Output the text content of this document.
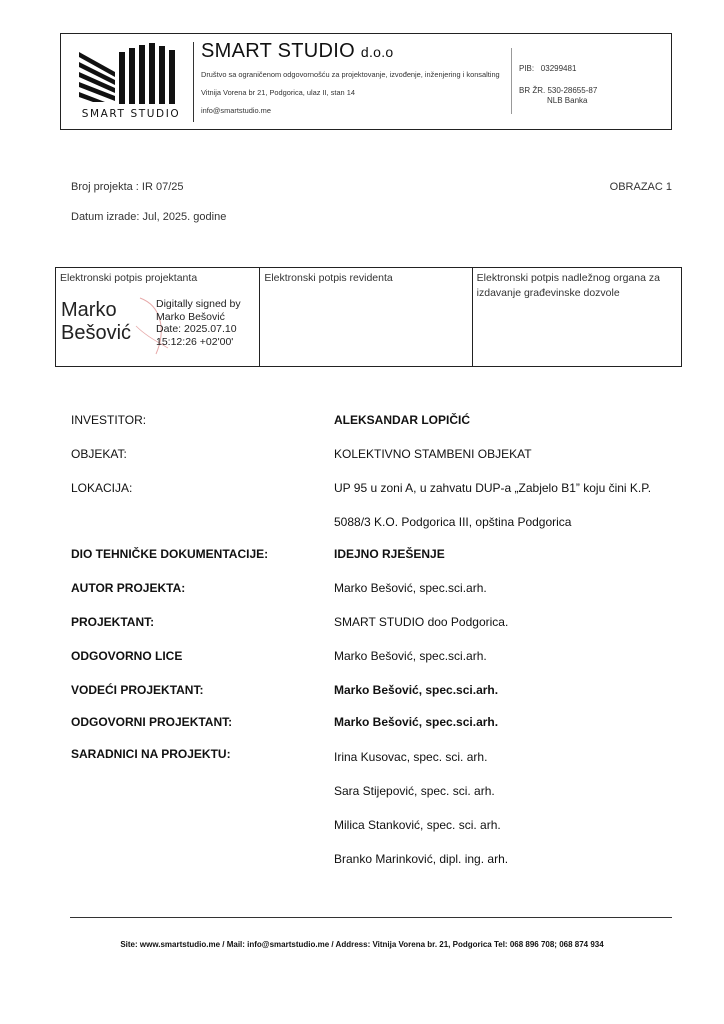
SMART STUDIO
SMART STUDIO d.o.o
Društvo sa ograničenom odgovornošću za projektovanje, izvođenje, inženjering i konsalting
Vitnija Vorena br 21, Podgorica, ulaz II, stan 14
info@smartstudio.me
PIB: 03299481
BR ŽR. 530-28655-87
NLB Banka
Broj projekta : IR 07/25	OBRAZAC 1
Datum izrade: Jul, 2025. godine
Elektronski potpis projektanta
Marko
Bešović
Digitally signed by
Marko Bešović
Date: 2025.07.10
15:12:26 +02'00'
Elektronski potpis revidenta	Elektronski potpis nadležnog organa za izdavanje građevinske dozvole
INVESTITOR:	ALEKSANDAR LOPIČIĆ
OBJEKAT:	KOLEKTIVNO STAMBENI OBJEKAT
LOKACIJA:	UP 95 u zoni A, u zahvatu DUP-a „Zabjelo B1” koju čini K.P.
5088/3 K.O. Podgorica III, opština Podgorica
DIO TEHNIČKE DOKUMENTACIJE:	IDEJNO RJEŠENJE
AUTOR PROJEKTA:	Marko Bešović, spec.sci.arh.
PROJEKTANT:	SMART STUDIO doo Podgorica.
ODGOVORNO LICE	Marko Bešović, spec.sci.arh.
VODEĆI PROJEKTANT:	Marko Bešović, spec.sci.arh.
ODGOVORNI PROJEKTANT:	Marko Bešović, spec.sci.arh.
SARADNICI NA PROJEKTU:	Irina Kusovac, spec. sci. arh.
Sara Stijepović, spec. sci. arh.
Milica Stanković, spec. sci. arh.
Branko Marinković, dipl. ing. arh.
Site: www.smartstudio.me / Mail: info@smartstudio.me / Address: Vitnija Vorena br. 21, Podgorica Tel: 068 896 708; 068 874 934
